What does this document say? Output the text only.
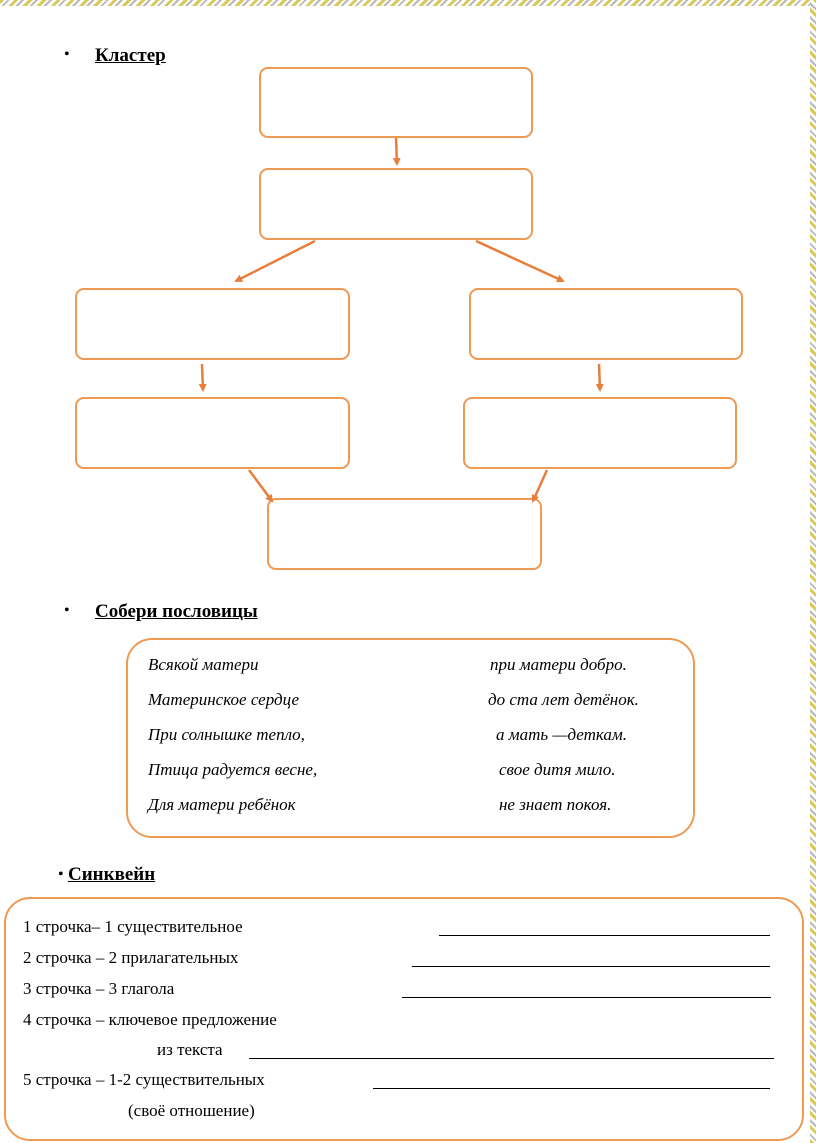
• Кластер
• Собери пословицы
Всякой матери
Материнское сердце
При солнышке тепло,
Птица радуется весне,
Для матери ребёнок
при матери добро.
до ста лет детёнок.
а мать —деткам.
свое дитя мило.
не знает покоя.
• Синквейн
1 строчка– 1 существительное
2 строчка – 2 прилагательных
3 строчка – 3 глагола
4 строчка – ключевое предложение
из текста
5 строчка – 1-2 существительных
(своё отношение)
